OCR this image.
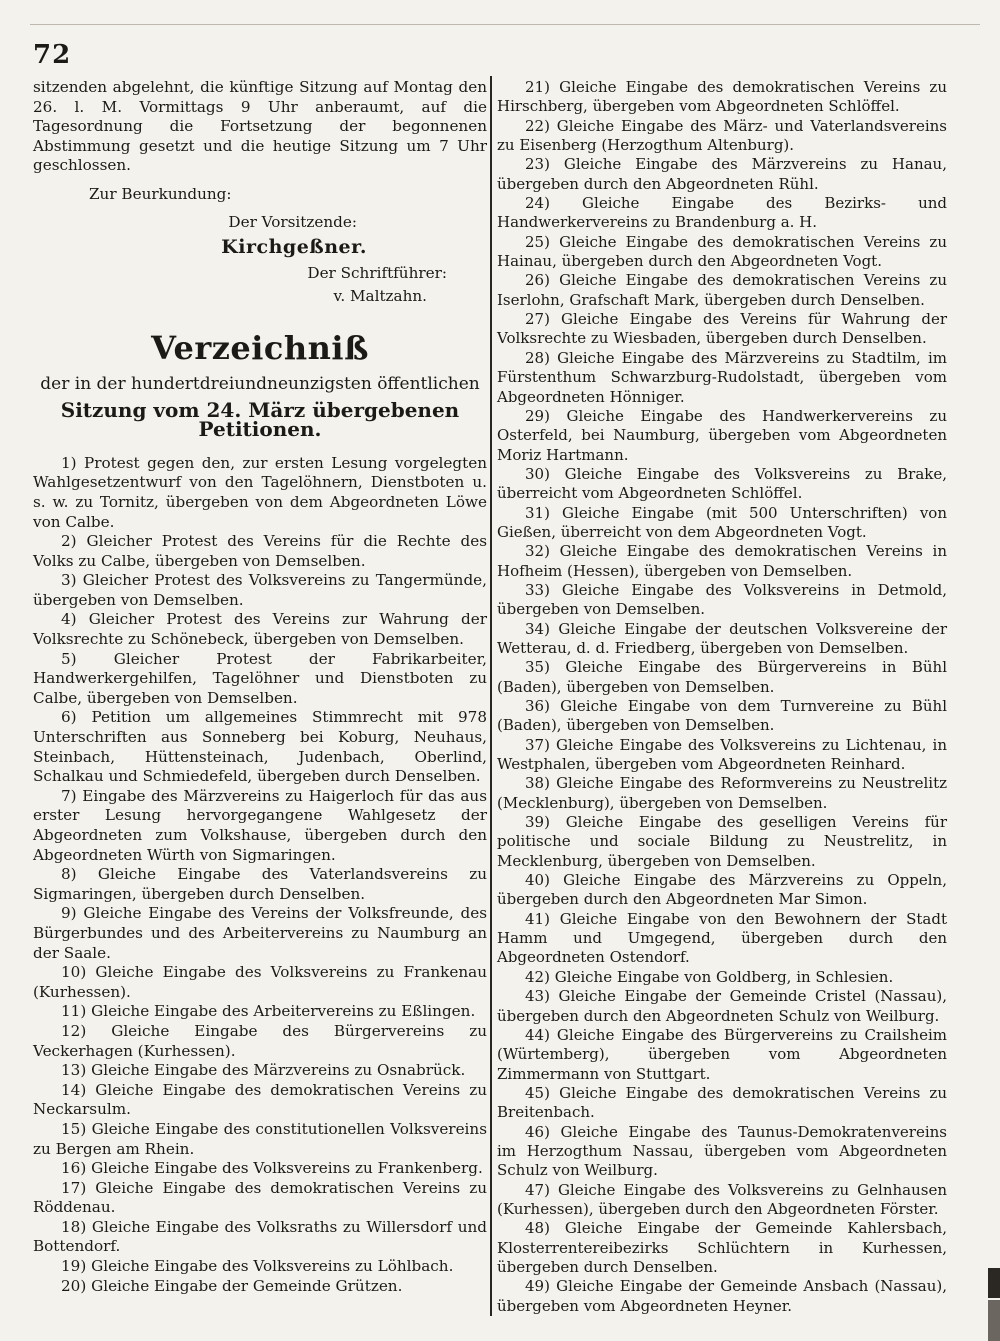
72

sitzenden abgelehnt, die künftige Sitzung auf Montag den 26. l. M. Vormittags 9 Uhr anberaumt, auf die Tagesordnung die Fortsetzung der begonnenen Abstimmung gesetzt und die heutige Sitzung um 7 Uhr geschlossen.

Zur Beurkundung:

Der Vorsitzende:

Kirchgeßner.

Der Schriftführer:

v. Maltzahn.

Verzeichniß

der in der hundertdreiundneunzigsten öffentlichen

Sitzung vom 24. März übergebenen Petitionen.

1) Protest gegen den, zur ersten Lesung vorgelegten Wahlgesetzentwurf von den Tagelöhnern, Dienstboten u. s. w. zu Tornitz, übergeben von dem Abgeordneten Löwe von Calbe.

2) Gleicher Protest des Vereins für die Rechte des Volks zu Calbe, übergeben von Demselben.

3) Gleicher Protest des Volksvereins zu Tangermünde, übergeben von Demselben.

4) Gleicher Protest des Vereins zur Wahrung der Volksrechte zu Schönebeck, übergeben von Demselben.

5) Gleicher Protest der Fabrikarbeiter, Handwerkergehilfen, Tagelöhner und Dienstboten zu Calbe, übergeben von Demselben.

6) Petition um allgemeines Stimmrecht mit 978 Unterschriften aus Sonneberg bei Koburg, Neuhaus, Steinbach, Hüttensteinach, Judenbach, Oberlind, Schalkau und Schmiedefeld, übergeben durch Denselben.

7) Eingabe des Märzvereins zu Haigerloch für das aus erster Lesung hervorgegangene Wahlgesetz der Abgeordneten zum Volkshause, übergeben durch den Abgeordneten Würth von Sigmaringen.

8) Gleiche Eingabe des Vaterlandsvereins zu Sigmaringen, übergeben durch Denselben.

9) Gleiche Eingabe des Vereins der Volksfreunde, des Bürgerbundes und des Arbeitervereins zu Naumburg an der Saale.

10) Gleiche Eingabe des Volksvereins zu Frankenau (Kurhessen).

11) Gleiche Eingabe des Arbeitervereins zu Eßlingen.

12) Gleiche Eingabe des Bürgervereins zu Veckerhagen (Kurhessen).

13) Gleiche Eingabe des Märzvereins zu Osnabrück.

14) Gleiche Eingabe des demokratischen Vereins zu Neckarsulm.

15) Gleiche Eingabe des constitutionellen Volksvereins zu Bergen am Rhein.

16) Gleiche Eingabe des Volksvereins zu Frankenberg.

17) Gleiche Eingabe des demokratischen Vereins zu Röddenau.

18) Gleiche Eingabe des Volksraths zu Willersdorf und Bottendorf.

19) Gleiche Eingabe des Volksvereins zu Löhlbach.

20) Gleiche Eingabe der Gemeinde Grützen.

21) Gleiche Eingabe des demokratischen Vereins zu Hirschberg, übergeben vom Abgeordneten Schlöffel.

22) Gleiche Eingabe des März- und Vaterlandsvereins zu Eisenberg (Herzogthum Altenburg).

23) Gleiche Eingabe des Märzvereins zu Hanau, übergeben durch den Abgeordneten Rühl.

24) Gleiche Eingabe des Bezirks- und Handwerkervereins zu Brandenburg a. H.

25) Gleiche Eingabe des demokratischen Vereins zu Hainau, übergeben durch den Abgeordneten Vogt.

26) Gleiche Eingabe des demokratischen Vereins zu Iserlohn, Grafschaft Mark, übergeben durch Denselben.

27) Gleiche Eingabe des Vereins für Wahrung der Volksrechte zu Wiesbaden, übergeben durch Denselben.

28) Gleiche Eingabe des Märzvereins zu Stadtilm, im Fürstenthum Schwarzburg-Rudolstadt, übergeben vom Abgeordneten Hönniger.

29) Gleiche Eingabe des Handwerkervereins zu Osterfeld, bei Naumburg, übergeben vom Abgeordneten Moriz Hartmann.

30) Gleiche Eingabe des Volksvereins zu Brake, überreicht vom Abgeordneten Schlöffel.

31) Gleiche Eingabe (mit 500 Unterschriften) von Gießen, überreicht von dem Abgeordneten Vogt.

32) Gleiche Eingabe des demokratischen Vereins in Hofheim (Hessen), übergeben von Demselben.

33) Gleiche Eingabe des Volksvereins in Detmold, übergeben von Demselben.

34) Gleiche Eingabe der deutschen Volksvereine der Wetterau, d. d. Friedberg, übergeben von Demselben.

35) Gleiche Eingabe des Bürgervereins in Bühl (Baden), übergeben von Demselben.

36) Gleiche Eingabe von dem Turnvereine zu Bühl (Baden), übergeben von Demselben.

37) Gleiche Eingabe des Volksvereins zu Lichtenau, in Westphalen, übergeben vom Abgeordneten Reinhard.

38) Gleiche Eingabe des Reformvereins zu Neustrelitz (Mecklenburg), übergeben von Demselben.

39) Gleiche Eingabe des geselligen Vereins für politische und sociale Bildung zu Neustrelitz, in Mecklenburg, übergeben von Demselben.

40) Gleiche Eingabe des Märzvereins zu Oppeln, übergeben durch den Abgeordneten Mar Simon.

41) Gleiche Eingabe von den Bewohnern der Stadt Hamm und Umgegend, übergeben durch den Abgeordneten Ostendorf.

42) Gleiche Eingabe von Goldberg, in Schlesien.

43) Gleiche Eingabe der Gemeinde Cristel (Nassau), übergeben durch den Abgeordneten Schulz von Weilburg.

44) Gleiche Eingabe des Bürgervereins zu Crailsheim (Würtemberg), übergeben vom Abgeordneten Zimmermann von Stuttgart.

45) Gleiche Eingabe des demokratischen Vereins zu Breitenbach.

46) Gleiche Eingabe des Taunus-Demokratenvereins im Herzogthum Nassau, übergeben vom Abgeordneten Schulz von Weilburg.

47) Gleiche Eingabe des Volksvereins zu Gelnhausen (Kurhessen), übergeben durch den Abgeordneten Förster.

48) Gleiche Eingabe der Gemeinde Kahlersbach, Klosterrentereibezirks Schlüchtern in Kurhessen, übergeben durch Denselben.

49) Gleiche Eingabe der Gemeinde Ansbach (Nassau), übergeben vom Abgeordneten Heyner.
